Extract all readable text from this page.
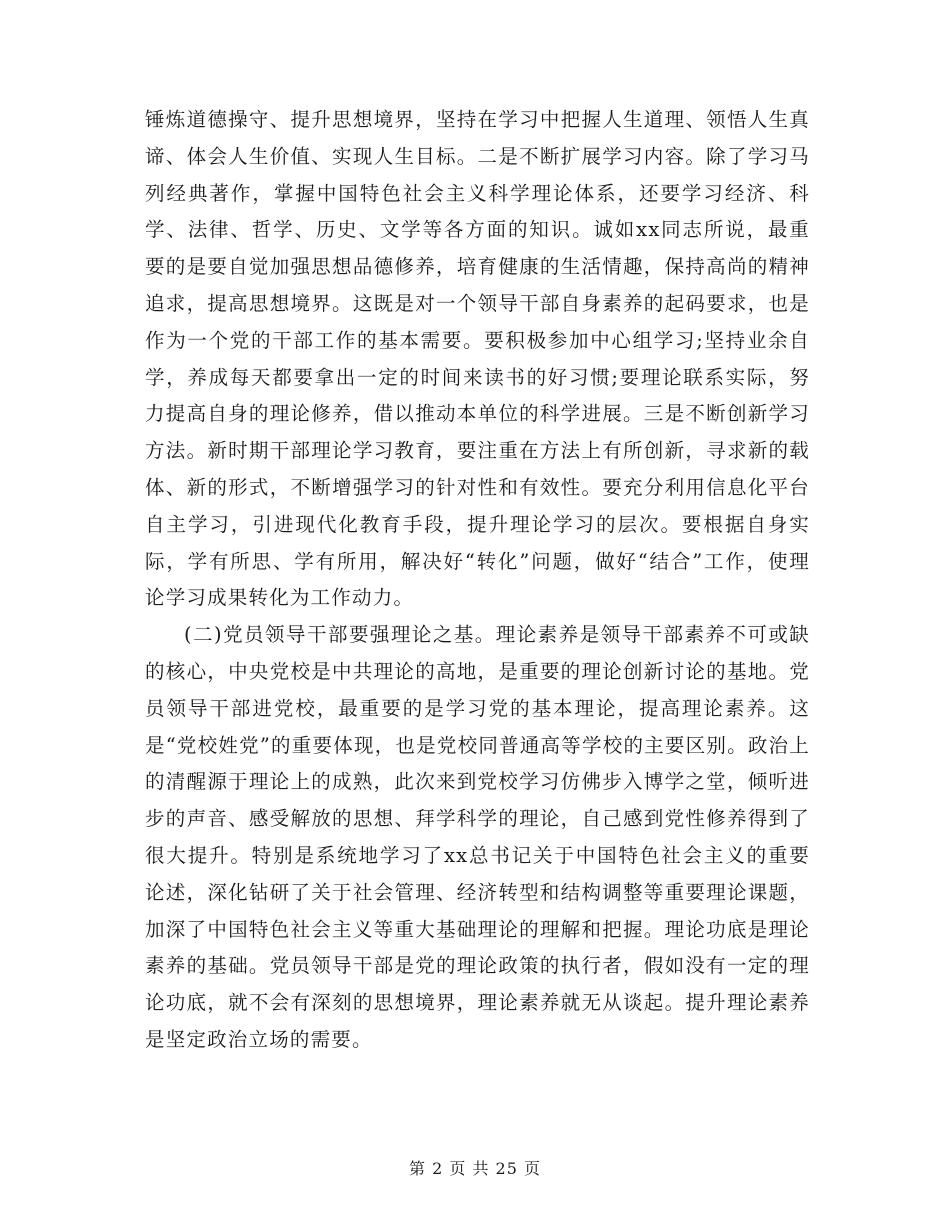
锤炼道德操守、提升思想境界，坚持在学习中把握人生道理、领悟人生真谛、体会人生价值、实现人生目标。二是不断扩展学习内容。除了学习马列经典著作，掌握中国特色社会主义科学理论体系，还要学习经济、科学、法律、哲学、历史、文学等各方面的知识。诚如xx同志所说，最重要的是要自觉加强思想品德修养，培育健康的生活情趣，保持高尚的精神追求，提高思想境界。这既是对一个领导干部自身素养的起码要求，也是作为一个党的干部工作的基本需要。要积极参加中心组学习;坚持业余自学，养成每天都要拿出一定的时间来读书的好习惯;要理论联系实际，努力提高自身的理论修养，借以推动本单位的科学进展。三是不断创新学习方法。新时期干部理论学习教育，要注重在方法上有所创新，寻求新的载体、新的形式，不断增强学习的针对性和有效性。要充分利用信息化平台自主学习，引进现代化教育手段，提升理论学习的层次。要根据自身实际，学有所思、学有所用，解决好“转化”问题，做好“结合”工作，使理论学习成果转化为工作动力。

(二)党员领导干部要强理论之基。理论素养是领导干部素养不可或缺的核心，中央党校是中共理论的高地，是重要的理论创新讨论的基地。党员领导干部进党校，最重要的是学习党的基本理论，提高理论素养。这是“党校姓党”的重要体现，也是党校同普通高等学校的主要区别。政治上的清醒源于理论上的成熟，此次来到党校学习仿佛步入博学之堂，倾听进步的声音、感受解放的思想、拜学科学的理论，自己感到党性修养得到了很大提升。特别是系统地学习了xx总书记关于中国特色社会主义的重要论述，深化钻研了关于社会管理、经济转型和结构调整等重要理论课题，加深了中国特色社会主义等重大基础理论的理解和把握。理论功底是理论素养的基础。党员领导干部是党的理论政策的执行者，假如没有一定的理论功底，就不会有深刻的思想境界，理论素养就无从谈起。提升理论素养是坚定政治立场的需要。

第 2 页 共 25 页
